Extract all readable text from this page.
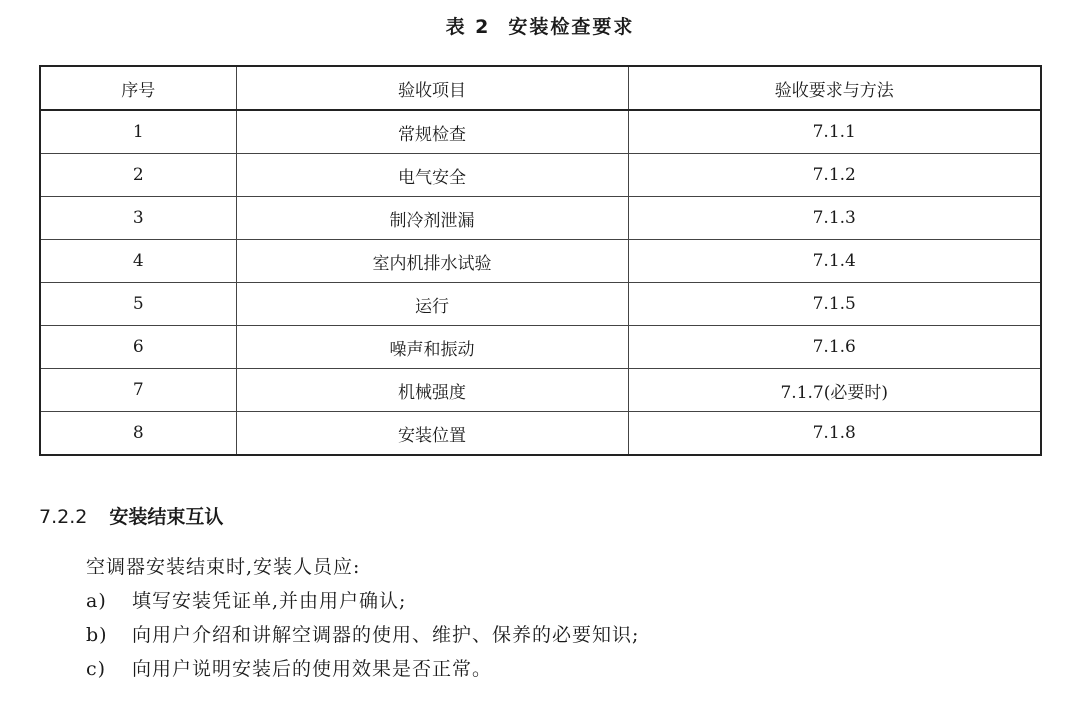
表 2 安装检查要求
序号	验收项目	验收要求与方法
1	常规检查	7.1.1
2	电气安全	7.1.2
3	制冷剂泄漏	7.1.3
4	室内机排水试验	7.1.4
5	运行	7.1.5
6	噪声和振动	7.1.6
7	机械强度	7.1.7(必要时)
8	安装位置	7.1.8
7.2.2 安装结束互认

空调器安装结束时,安装人员应:

a)	填写安装凭证单,并由用户确认;
b)	向用户介绍和讲解空调器的使用、维护、保养的必要知识;
c)	向用户说明安装后的使用效果是否正常。
